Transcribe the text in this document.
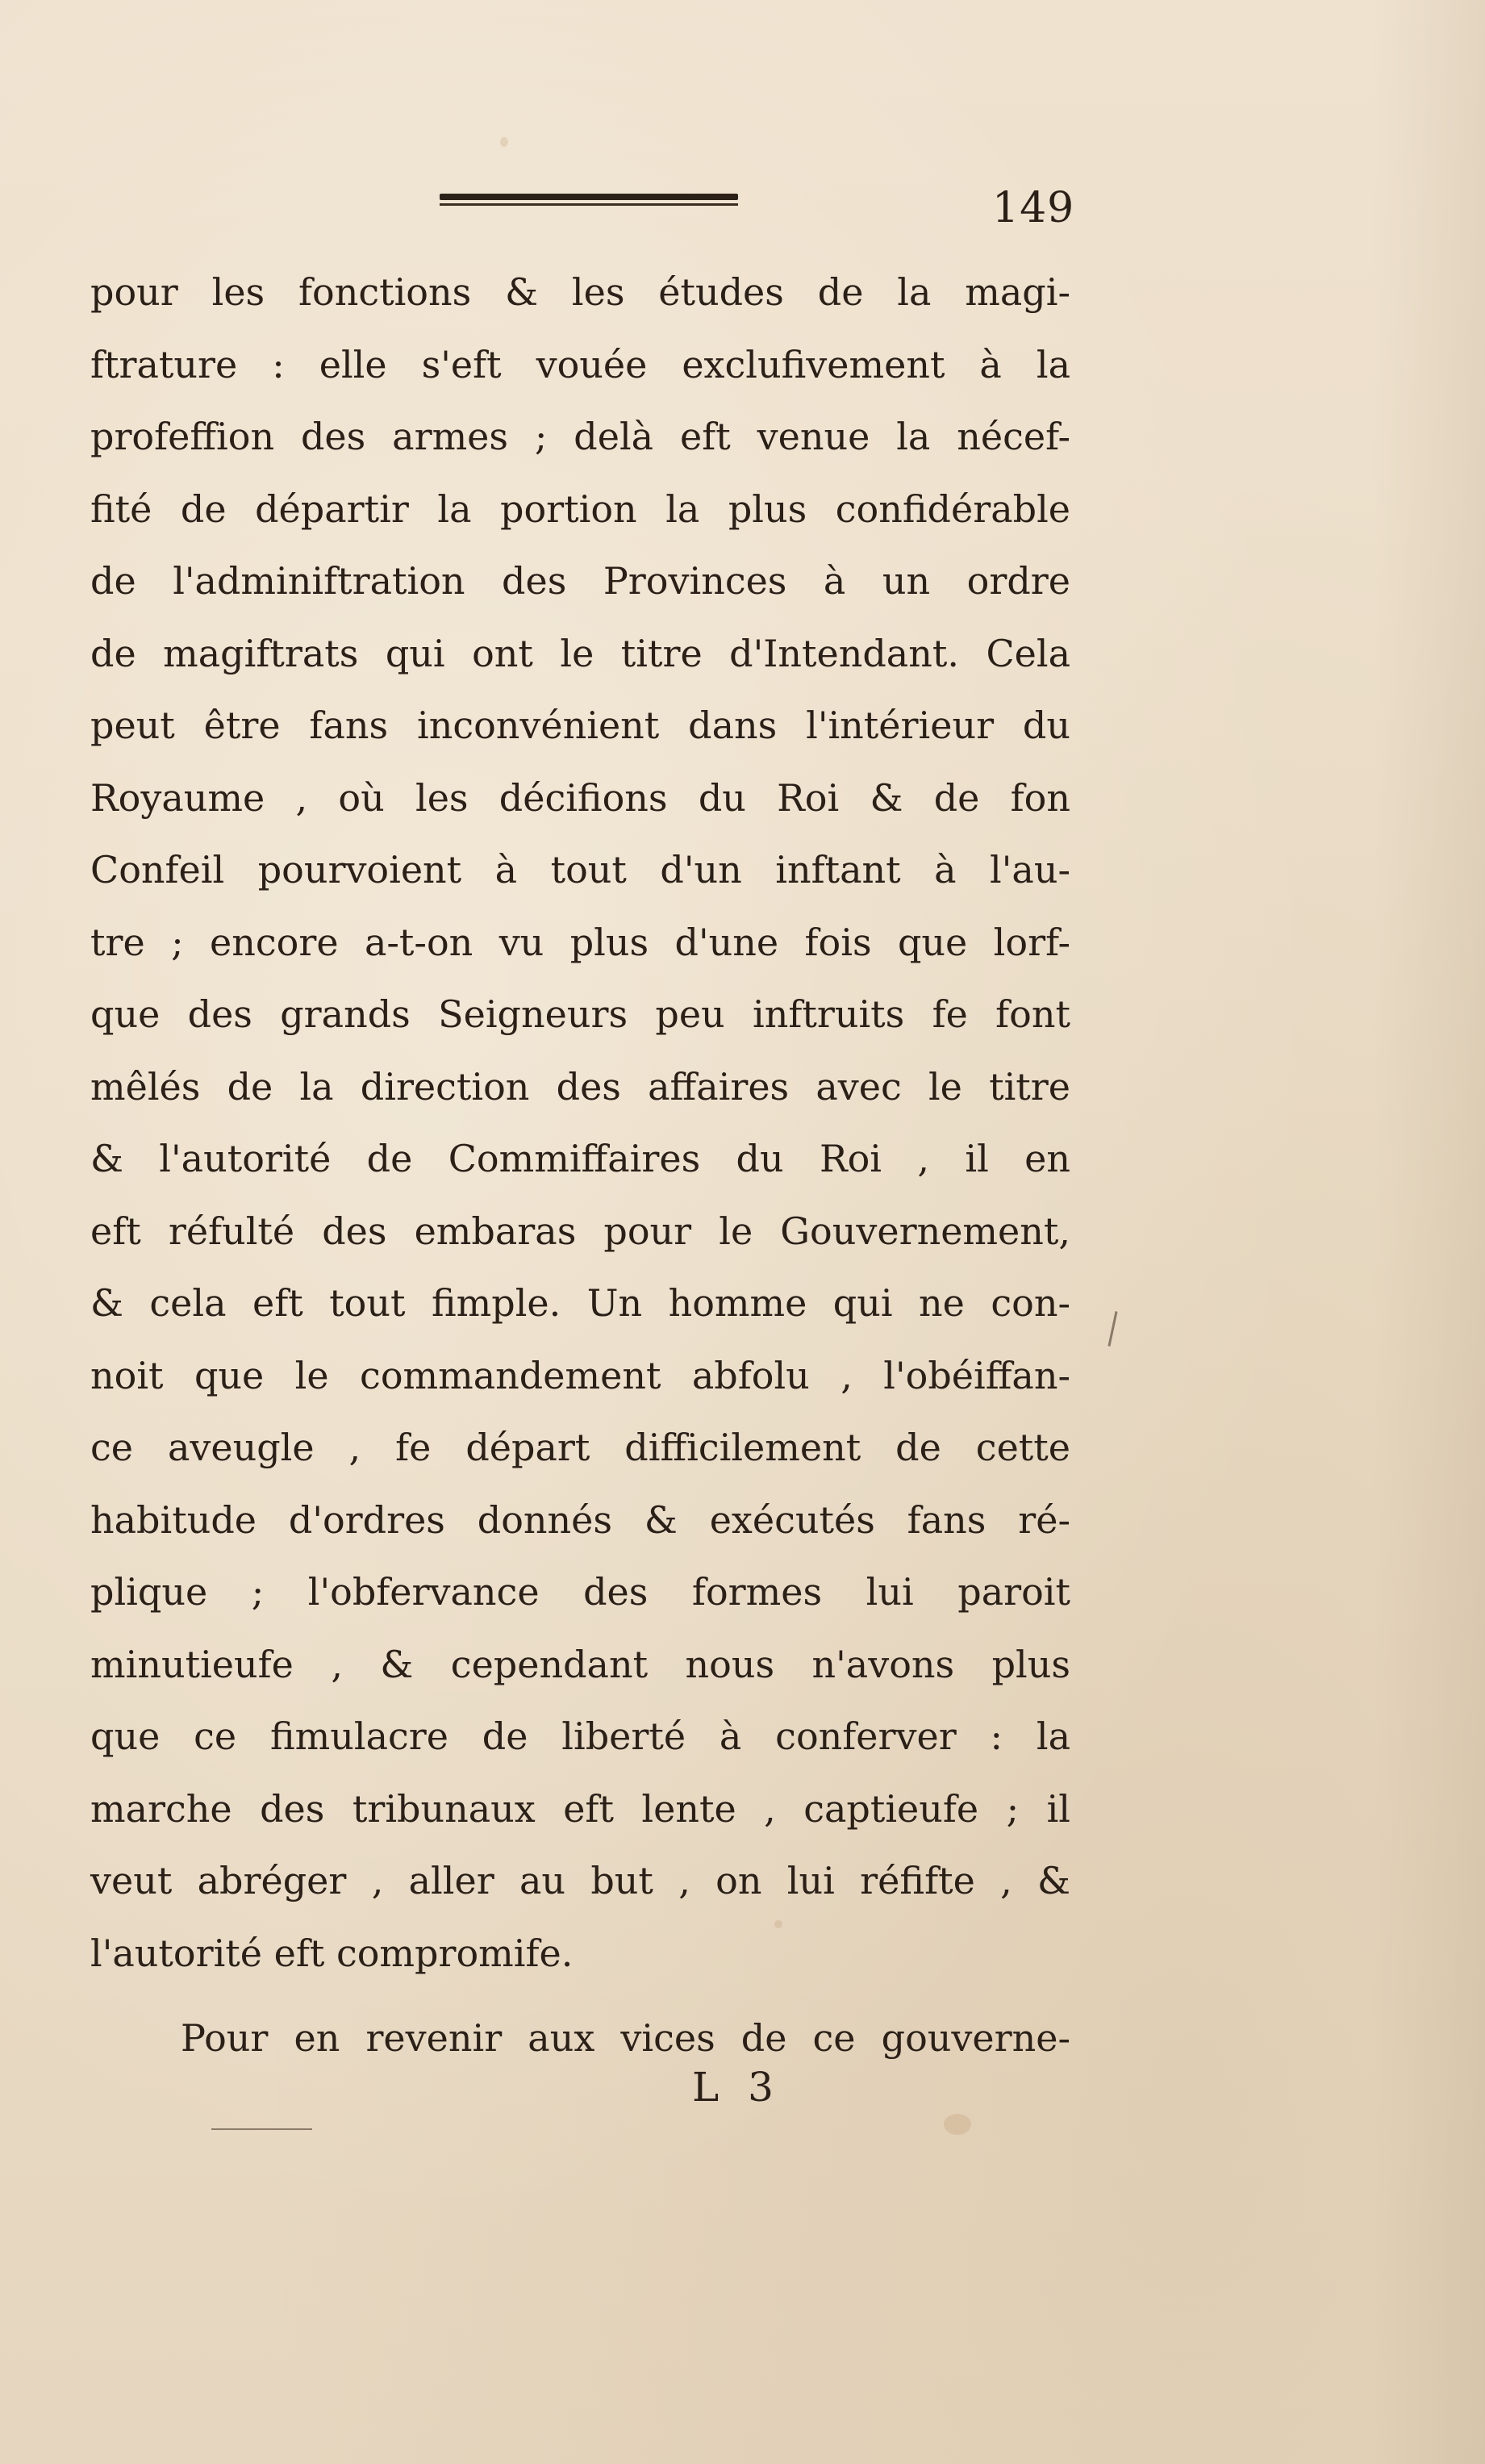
149
pour les fonctions & les études de la magi-
ftrature : elle s'eft vouée exclufivement à la
profeffion des armes ; delà eft venue la nécef-
fité de départir la portion la plus confidérable
de l'adminiftration des Provinces à un ordre
de magiftrats qui ont le titre d'Intendant. Cela
peut être fans inconvénient dans l'intérieur du
Royaume , où les décifions du Roi & de fon
Confeil pourvoient à tout d'un inftant à l'au-
tre ; encore a-t-on vu plus d'une fois que lorf-
que des grands Seigneurs peu inftruits fe font
mêlés de la direction des affaires avec le titre
& l'autorité de Commiffaires du Roi , il en
eft réfulté des embaras pour le Gouvernement,
& cela eft tout fimple. Un homme qui ne con-
noit que le commandement abfolu , l'obéiffan-
ce aveugle , fe départ difficilement de cette
habitude d'ordres donnés & exécutés fans ré-
plique ; l'obfervance des formes lui paroit
minutieufe , & cependant nous n'avons plus
que ce fimulacre de liberté à conferver : la
marche des tribunaux eft lente , captieufe ; il
veut abréger , aller au but , on lui réfifte , &
l'autorité eft compromife.
Pour en revenir aux vices de ce gouverne-
L 3
